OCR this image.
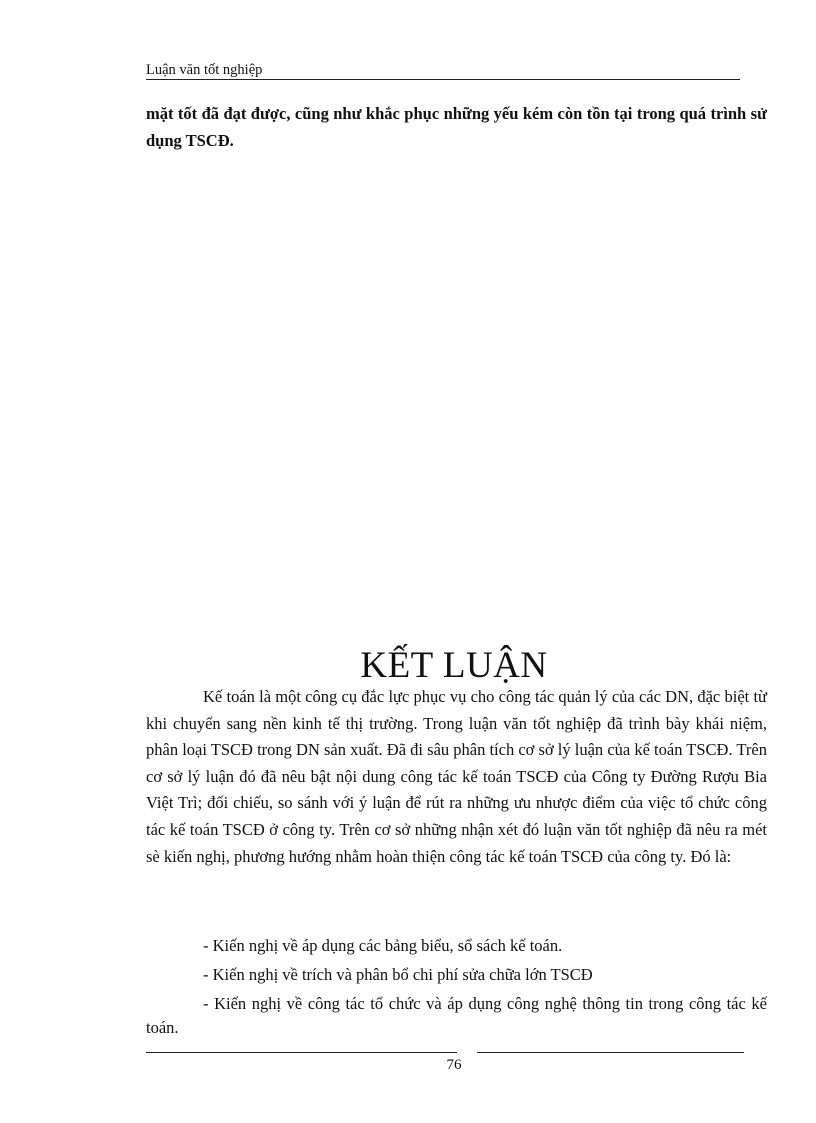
Luận văn tốt nghiệp
mặt tốt đã đạt được, cũng như khắc phục những yếu kém còn tồn tại trong quá trình sử dụng TSCĐ.
KẾT LUẬN

Kế toán là một công cụ đắc lực phục vụ cho công tác quản lý của các DN, đặc biệt từ khi chuyển sang nền kinh tế thị trường. Trong luận văn tốt nghiệp đã trình bày khái niệm, phân loại TSCĐ trong DN sản xuất. Đã đi sâu phân tích cơ sở lý luận của kế toán TSCĐ. Trên cơ sở lý luận đó đã nêu bật nội dung công tác kế toán TSCĐ của Công ty Đường Rượu Bia Việt Trì; đối chiếu, so sánh với ý luận để rút ra những ưu nhược điểm của việc tổ chức công tác kế toán TSCĐ ở công ty. Trên cơ sở những nhận xét đó luận văn tốt nghiệp đã nêu ra mét sè kiến nghị, phương hướng nhằm hoàn thiện công tác kế toán TSCĐ của công ty. Đó là:

- Kiến nghị về áp dụng các bảng biểu, sổ sách kế toán.
- Kiến nghị về trích và phân bổ chi phí sửa chữa lớn TSCĐ
- Kiến nghị về công tác tổ chức và áp dụng công nghệ thông tin trong công tác kế toán.
76
